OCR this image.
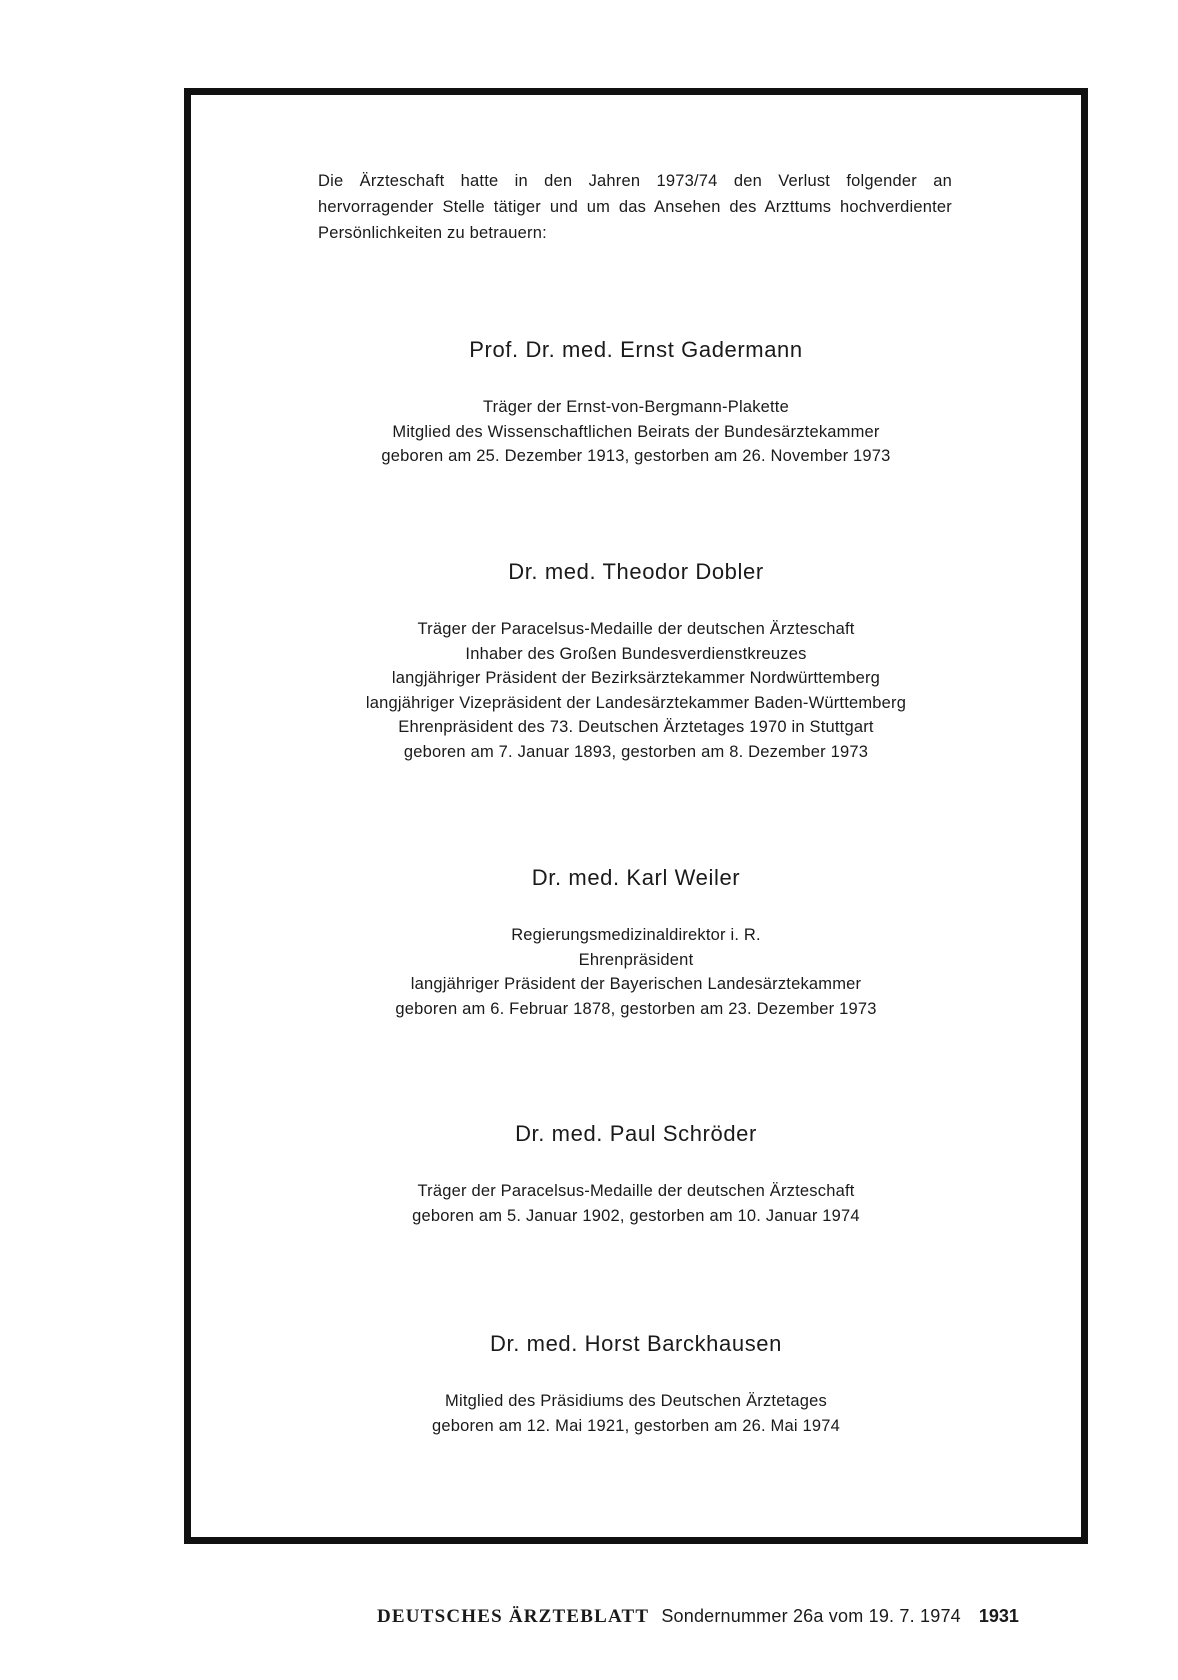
Die Ärzteschaft hatte in den Jahren 1973/74 den Verlust folgender an hervorragender Stelle tätiger und um das Ansehen des Arzttums hochverdienter Persönlichkeiten zu betrauern:

Prof. Dr. med. Ernst Gadermann

Träger der Ernst-von-Bergmann-Plakette
Mitglied des Wissenschaftlichen Beirats der Bundesärztekammer
geboren am 25. Dezember 1913, gestorben am 26. November 1973

Dr. med. Theodor Dobler

Träger der Paracelsus-Medaille der deutschen Ärzteschaft
Inhaber des Großen Bundesverdienstkreuzes
langjähriger Präsident der Bezirksärztekammer Nordwürttemberg
langjähriger Vizepräsident der Landesärztekammer Baden-Württemberg
Ehrenpräsident des 73. Deutschen Ärztetages 1970 in Stuttgart
geboren am 7. Januar 1893, gestorben am 8. Dezember 1973

Dr. med. Karl Weiler

Regierungsmedizinaldirektor i. R.
Ehrenpräsident
langjähriger Präsident der Bayerischen Landesärztekammer
geboren am 6. Februar 1878, gestorben am 23. Dezember 1973

Dr. med. Paul Schröder

Träger der Paracelsus-Medaille der deutschen Ärzteschaft
geboren am 5. Januar 1902, gestorben am 10. Januar 1974

Dr. med. Horst Barckhausen

Mitglied des Präsidiums des Deutschen Ärztetages
geboren am 12. Mai 1921, gestorben am 26. Mai 1974
DEUTSCHES ÄRZTEBLATT Sondernummer 26a vom 19. 7. 1974 1931
